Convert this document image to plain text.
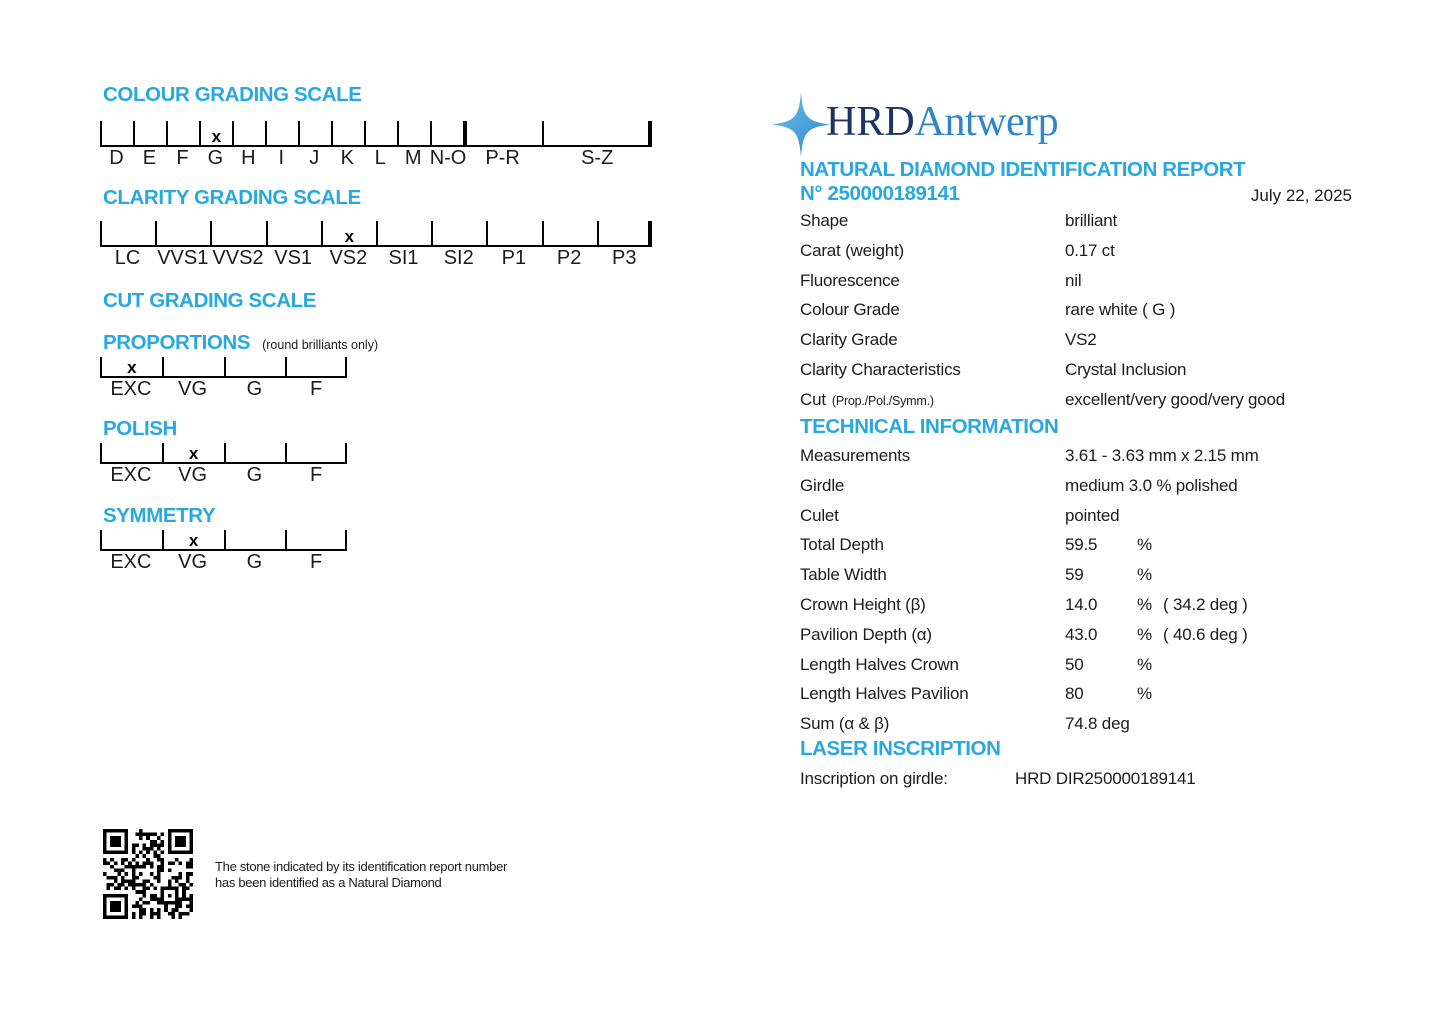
COLOUR GRADING SCALE
x
D E	F G H	I	J	K	L M N-O P-R	S-Z
CLARITY GRADING SCALE
x
LC VVS1 VVS2 VS1 VS2	SI1	SI2	P1	P2	P3
CUT GRADING SCALE
PROPORTIONS (round brilliants only)
x
EXC	VG	G	F
POLISH
x
EXC	VG	G	F
SYMMETRY
x
EXC	VG	G	F
HRDAntwerp
NATURAL DIAMOND IDENTIFICATION REPORT
N° 250000189141	July 22, 2025
Shape	brilliant
Carat (weight)	0.17 ct
Fluorescence	nil
Colour Grade	rare white ( G )
Clarity Grade	VS2
Clarity Characteristics	Crystal Inclusion
Cut (Prop./Pol./Symm.)	excellent/very good/very good
TECHNICAL INFORMATION
Measurements	3.61 - 3.63 mm x 2.15 mm
Girdle	medium 3.0 % polished
Culet	pointed
Total Depth	59.5	%
Table Width	59	%
Crown Height (β)	14.0	% ( 34.2 deg )
Pavilion Depth (α)	43.0	% ( 40.6 deg )
Length Halves Crown	50	%
Length Halves Pavilion	80	%
Sum (α & β)	74.8 deg
LASER INSCRIPTION
Inscription on girdle:	HRD DIR250000189141
The stone indicated by its identification report number has been identified as a Natural Diamond
